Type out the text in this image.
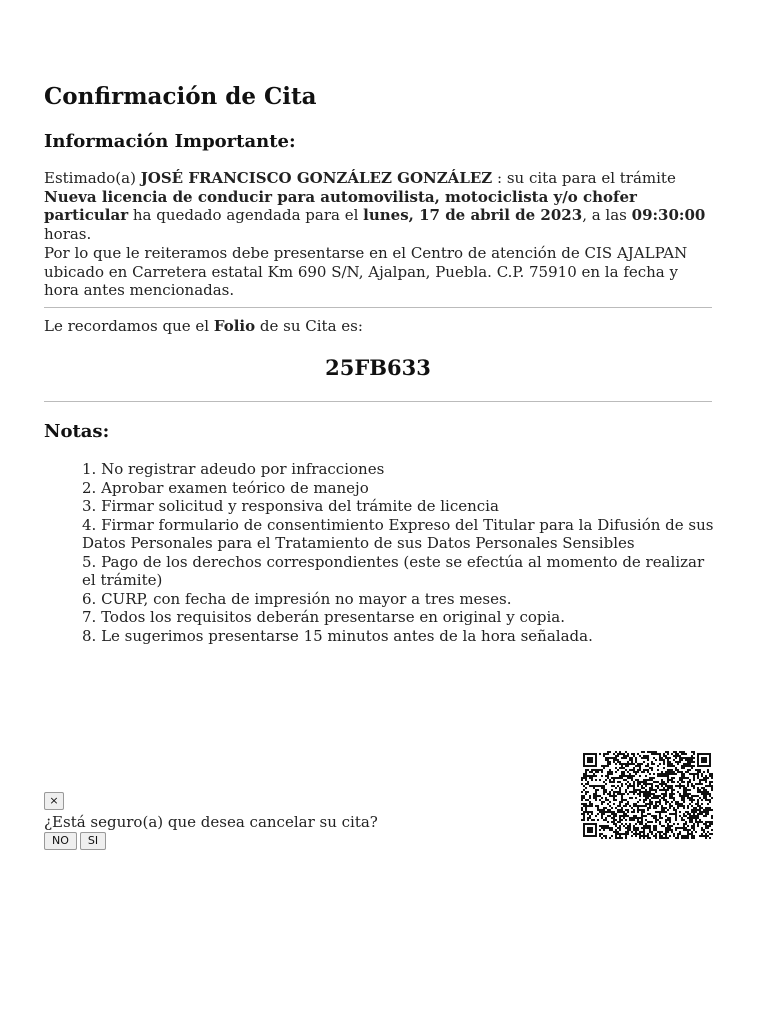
Confirmación de Cita
Información Importante:

Estimado(a) JOSÉ FRANCISCO GONZÁLEZ GONZÁLEZ : su cita para el trámite Nueva licencia de conducir para automovilista, motociclista y/o chofer particular ha quedado agendada para el lunes, 17 de abril de 2023, a las 09:30:00 horas.

Por lo que le reiteramos debe presentarse en el Centro de atención de CIS AJALPAN ubicado en Carretera estatal Km 690 S/N, Ajalpan, Puebla. C.P. 75910 en la fecha y hora antes mencionadas.

Le recordamos que el Folio de su Cita es:

25FB633
Notas:
1. No registrar adeudo por infracciones
2. Aprobar examen teórico de manejo
3. Firmar solicitud y responsiva del trámite de licencia
4. Firmar formulario de consentimiento Expreso del Titular para la Difusión de sus Datos Personales para el Tratamiento de sus Datos Personales Sensibles
5. Pago de los derechos correspondientes (este se efectúa al momento de realizar el trámite)
6. CURP, con fecha de impresión no mayor a tres meses.
7. Todos los requisitos deberán presentarse en original y copia.
8. Le sugerimos presentarse 15 minutos antes de la hora señalada.
×
¿Está seguro(a) que desea cancelar su cita?
NO	SI
